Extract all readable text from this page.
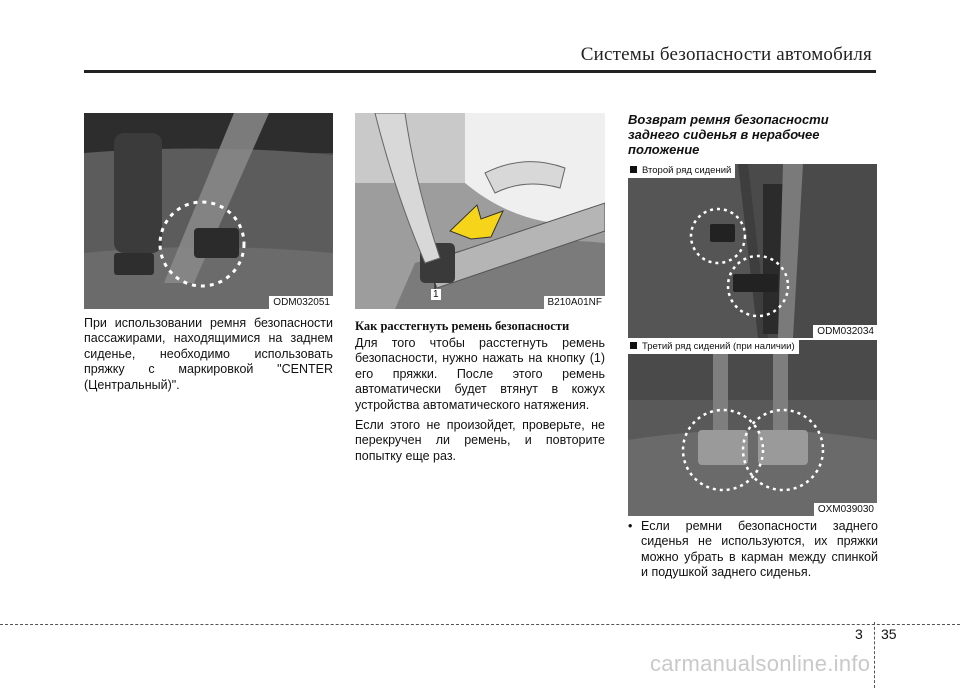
Системы безопасности автомобиля
ODM032051
1
B210A01NF
Второй ряд сидений
ODM032034
Третий ряд сидений (при наличии)
OXM039030

При использовании ремня безопасности пассажирами, находящимися на заднем сиденье, необходимо использовать пряжку с маркировкой "CENTER (Центральный)".

Как расстегнуть ремень безопасности

Для того чтобы расстегнуть ремень безопасности, нужно нажать на кнопку (1) его пряжки. После этого ремень автоматически будет втянут в кожух устройства автоматического натяжения.

Если этого не произойдет, проверьте, не перекручен ли ремень, и повторите попытку еще раз.

Возврат ремня безопасности заднего сиденья в нерабочее положение
• Если ремни безопасности заднего сиденья не используются, их пряжки можно убрать в карман между спинкой и подушкой заднего сиденья.
3 35
carmanualsonline.info
